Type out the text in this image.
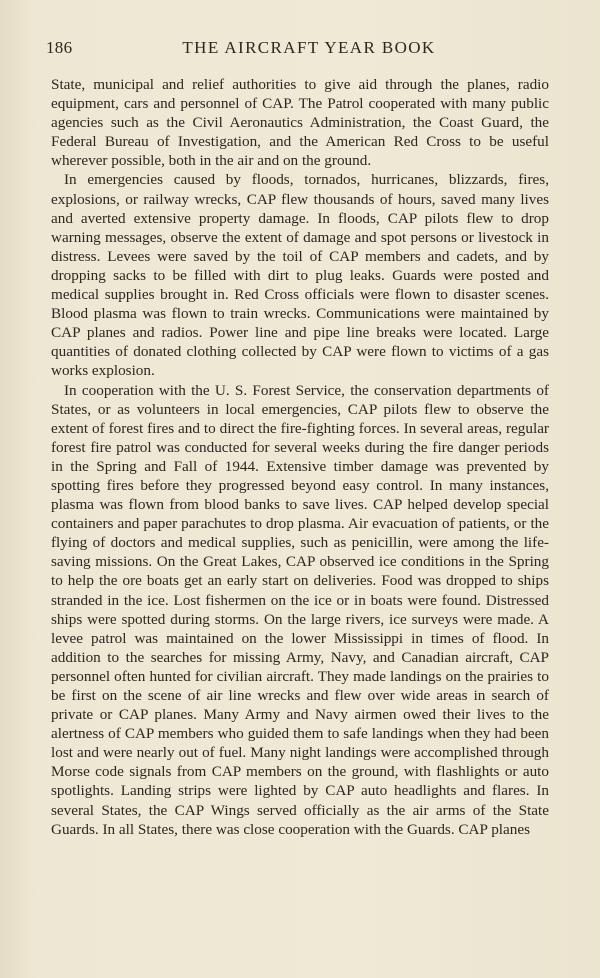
186	THE AIRCRAFT YEAR BOOK

State, municipal and relief authorities to give aid through the planes, radio equipment, cars and personnel of CAP. The Patrol cooperated with many public agencies such as the Civil Aeronautics Administration, the Coast Guard, the Federal Bureau of Investigation, and the American Red Cross to be useful wherever possible, both in the air and on the ground.

In emergencies caused by floods, tornados, hurricanes, blizzards, fires, explosions, or railway wrecks, CAP flew thousands of hours, saved many lives and averted extensive property damage. In floods, CAP pilots flew to drop warning messages, observe the extent of damage and spot persons or livestock in distress. Levees were saved by the toil of CAP members and cadets, and by dropping sacks to be filled with dirt to plug leaks. Guards were posted and medical supplies brought in. Red Cross officials were flown to disaster scenes. Blood plasma was flown to train wrecks. Communications were maintained by CAP planes and radios. Power line and pipe line breaks were located. Large quantities of donated clothing collected by CAP were flown to victims of a gas works explosion.

In cooperation with the U. S. Forest Service, the conservation departments of States, or as volunteers in local emergencies, CAP pilots flew to observe the extent of forest fires and to direct the fire-fighting forces. In several areas, regular forest fire patrol was conducted for several weeks during the fire danger periods in the Spring and Fall of 1944. Extensive timber damage was prevented by spotting fires before they progressed beyond easy control. In many instances, plasma was flown from blood banks to save lives. CAP helped develop special containers and paper parachutes to drop plasma. Air evacuation of patients, or the flying of doctors and medical supplies, such as penicillin, were among the life-saving missions. On the Great Lakes, CAP observed ice conditions in the Spring to help the ore boats get an early start on deliveries. Food was dropped to ships stranded in the ice. Lost fishermen on the ice or in boats were found. Distressed ships were spotted during storms. On the large rivers, ice surveys were made. A levee patrol was maintained on the lower Mississippi in times of flood. In addition to the searches for missing Army, Navy, and Canadian aircraft, CAP personnel often hunted for civilian aircraft. They made landings on the prairies to be first on the scene of air line wrecks and flew over wide areas in search of private or CAP planes. Many Army and Navy airmen owed their lives to the alertness of CAP members who guided them to safe landings when they had been lost and were nearly out of fuel. Many night landings were accomplished through Morse code signals from CAP members on the ground, with flashlights or auto spotlights. Landing strips were lighted by CAP auto headlights and flares. In several States, the CAP Wings served officially as the air arms of the State Guards. In all States, there was close cooperation with the Guards. CAP planes
